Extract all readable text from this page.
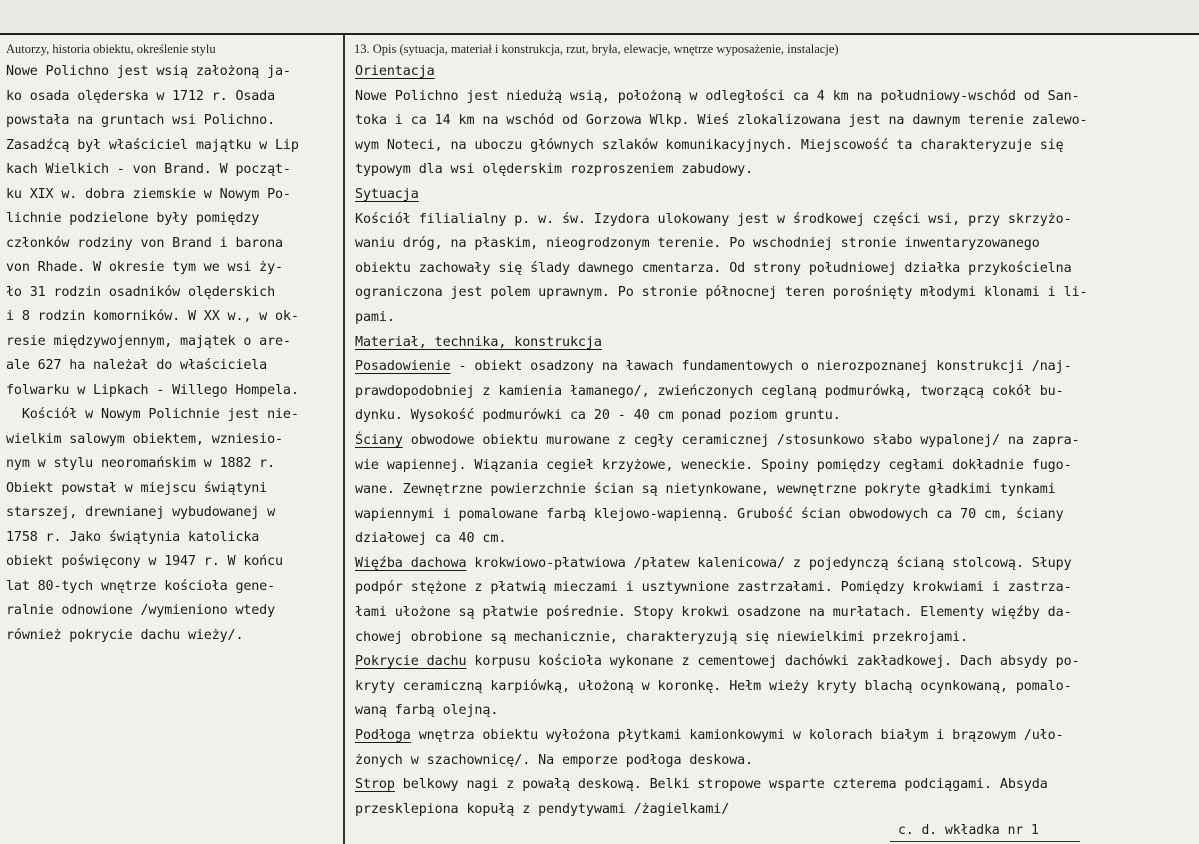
Autorzy, historia obiektu, określenie stylu	13. Opis (sytuacja, materiał i konstrukcja, rzut, bryła, elewacje, wnętrze wyposażenie, instalacje)
Nowe Polichno jest wsią założoną ja-
ko osada olęderska w 1712 r. Osada
powstała na gruntach wsi Polichno.
Zasadźcą był właściciel majątku w Lip
kach Wielkich - von Brand. W począt-
ku XIX w. dobra ziemskie w Nowym Po-
lichnie podzielone były pomiędzy
członków rodziny von Brand i barona
von Rhade. W okresie tym we wsi ży-
ło 31 rodzin osadników olęderskich
i 8 rodzin komorników. W XX w., w ok-
resie międzywojennym, majątek o are-
ale 627 ha należał do właściciela
folwarku w Lipkach - Willego Hompela.
Kościół w Nowym Polichnie jest nie-
wielkim salowym obiektem, wzniesio-
nym w stylu neoromańskim w 1882 r.
Obiekt powstał w miejscu świątyni
starszej, drewnianej wybudowanej w
1758 r. Jako świątynia katolicka
obiekt poświęcony w 1947 r. W końcu
lat 80-tych wnętrze kościoła gene-
ralnie odnowione /wymieniono wtedy
również pokrycie dachu wieży/.
Orientacja
Nowe Polichno jest niedużą wsią, położoną w odległości ca 4 km na południowy-wschód od San-
toka i ca 14 km na wschód od Gorzowa Wlkp. Wieś zlokalizowana jest na dawnym terenie zalewo-
wym Noteci, na uboczu głównych szlaków komunikacyjnych. Miejscowość ta charakteryzuje się
typowym dla wsi olęderskim rozproszeniem zabudowy.
Sytuacja
Kościół filialialny p. w. św. Izydora ulokowany jest w środkowej części wsi, przy skrzyżo-
waniu dróg, na płaskim, nieogrodzonym terenie. Po wschodniej stronie inwentaryzowanego
obiektu zachowały się ślady dawnego cmentarza. Od strony południowej działka przykościelna
ograniczona jest polem uprawnym. Po stronie północnej teren porośnięty młodymi klonami i li-
pami.
Materiał, technika, konstrukcja
Posadowienie - obiekt osadzony na ławach fundamentowych o nierozpoznanej konstrukcji /naj-
prawdopodobniej z kamienia łamanego/, zwieńczonych ceglaną podmurówką, tworzącą cokół bu-
dynku. Wysokość podmurówki ca 20 - 40 cm ponad poziom gruntu.
Ściany obwodowe obiektu murowane z cegły ceramicznej /stosunkowo słabo wypalonej/ na zapra-
wie wapiennej. Wiązania cegieł krzyżowe, weneckie. Spoiny pomiędzy cegłami dokładnie fugo-
wane. Zewnętrzne powierzchnie ścian są nietynkowane, wewnętrzne pokryte gładkimi tynkami
wapiennymi i pomalowane farbą klejowo-wapienną. Grubość ścian obwodowych ca 70 cm, ściany
działowej ca 40 cm.
Więźba dachowa krokwiowo-płatwiowa /płatew kalenicowa/ z pojedynczą ścianą stolcową. Słupy
podpór stężone z płatwią mieczami i usztywnione zastrzałami. Pomiędzy krokwiami i zastrza-
łami ułożone są płatwie pośrednie. Stopy krokwi osadzone na murłatach. Elementy więźby da-
chowej obrobione są mechanicznie, charakteryzują się niewielkimi przekrojami.
Pokrycie dachu korpusu kościoła wykonane z cementowej dachówki zakładkowej. Dach absydy po-
kryty ceramiczną karpiówką, ułożoną w koronkę. Hełm wieży kryty blachą ocynkowaną, pomalo-
waną farbą olejną.
Podłoga wnętrza obiektu wyłożona płytkami kamionkowymi w kolorach białym i brązowym /uło-
żonych w szachownicę/. Na emporze podłoga deskowa.
Strop belkowy nagi z powałą deskową. Belki stropowe wsparte czterema podciągami. Absyda
przesklepiona kopułą z pendytywami /żagielkami/
c. d. wkładka nr 1
